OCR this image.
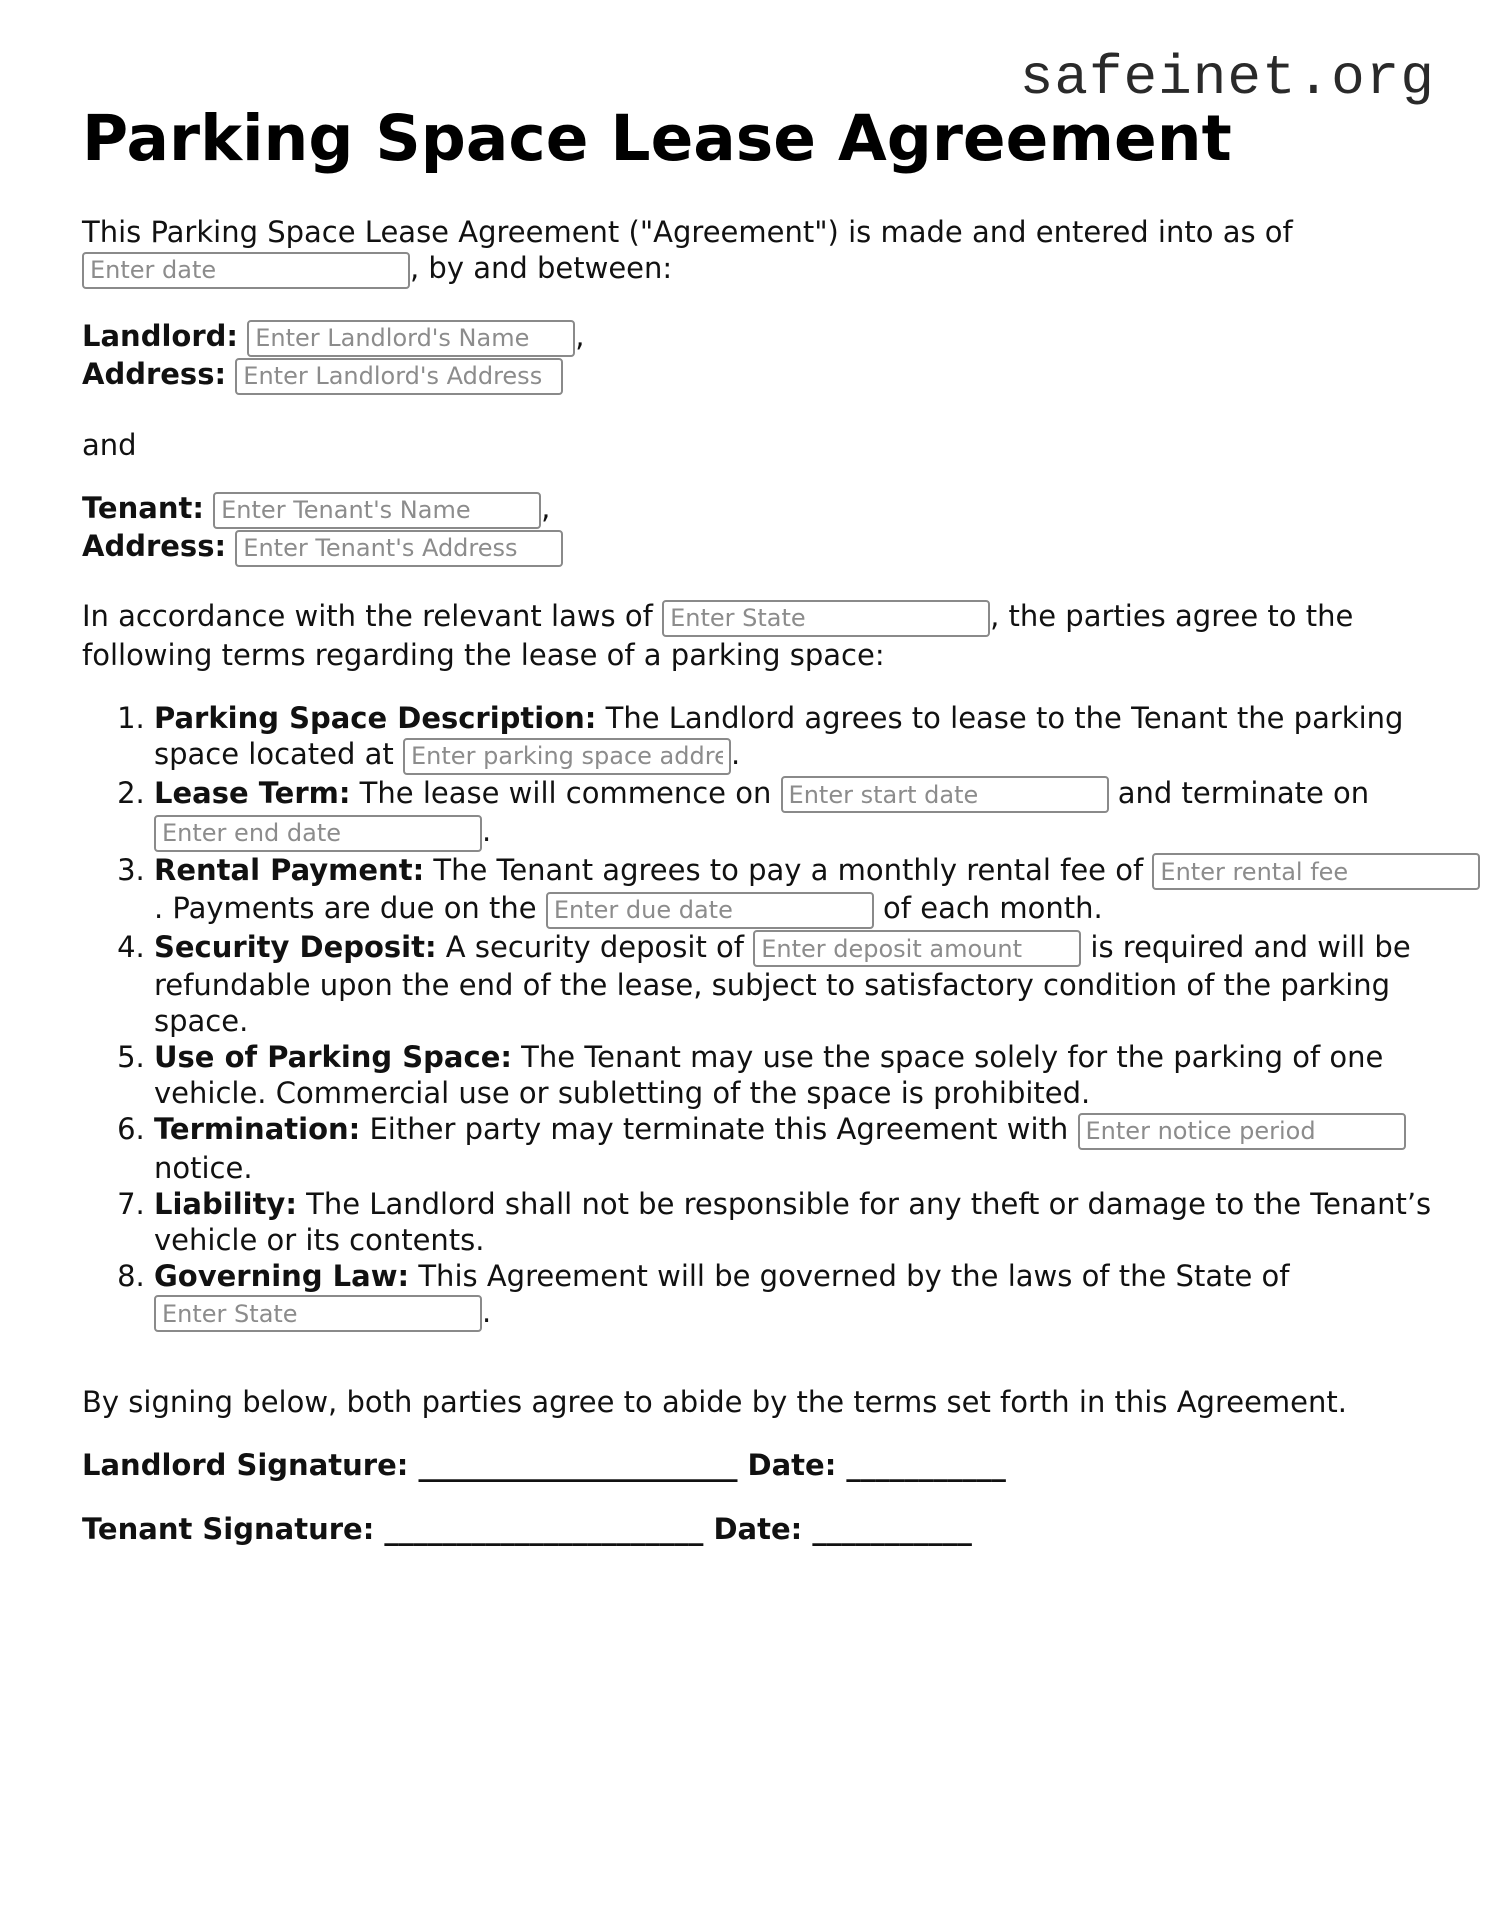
safeinet.org
Parking Space Lease Agreement
This Parking Space Lease Agreement ("Agreement") is made and entered into as of
Enter date, by and between:
Landlord: Enter Landlord's Name	,
Address: Enter Landlord's Address
and
Tenant: Enter Tenant's Name	,
Address: Enter Tenant's Address
In accordance with the relevant laws of Enter State	, the parties agree to the following terms regarding the lease of a parking space:
1. Parking Space Description: The Landlord agrees to lease to the Tenant the parking space located at Enter parking space address	.
2. Lease Term: The lease will commence on Enter start date	and terminate on Enter end date.
3. Rental Payment: The Tenant agrees to pay a monthly rental fee of Enter rental fee. Payments are due on the Enter due date	of each month.
4. Security Deposit: A security deposit of Enter deposit amount	is required and will be refundable upon the end of the lease, subject to satisfactory condition of the parking space.
5. Use of Parking Space: The Tenant may use the space solely for the parking of one vehicle. Commercial use or subletting of the space is prohibited.
6. Termination: Either party may terminate this Agreement with Enter notice period notice.
7. Liability: The Landlord shall not be responsible for any theft or damage to the Tenant’s vehicle or its contents.
8. Governing Law: This Agreement will be governed by the laws of the State of Enter State.
By signing below, both parties agree to abide by the terms set forth in this Agreement.
Landlord Signature: ______________________ Date: ___________
Tenant Signature: ______________________ Date: ___________
